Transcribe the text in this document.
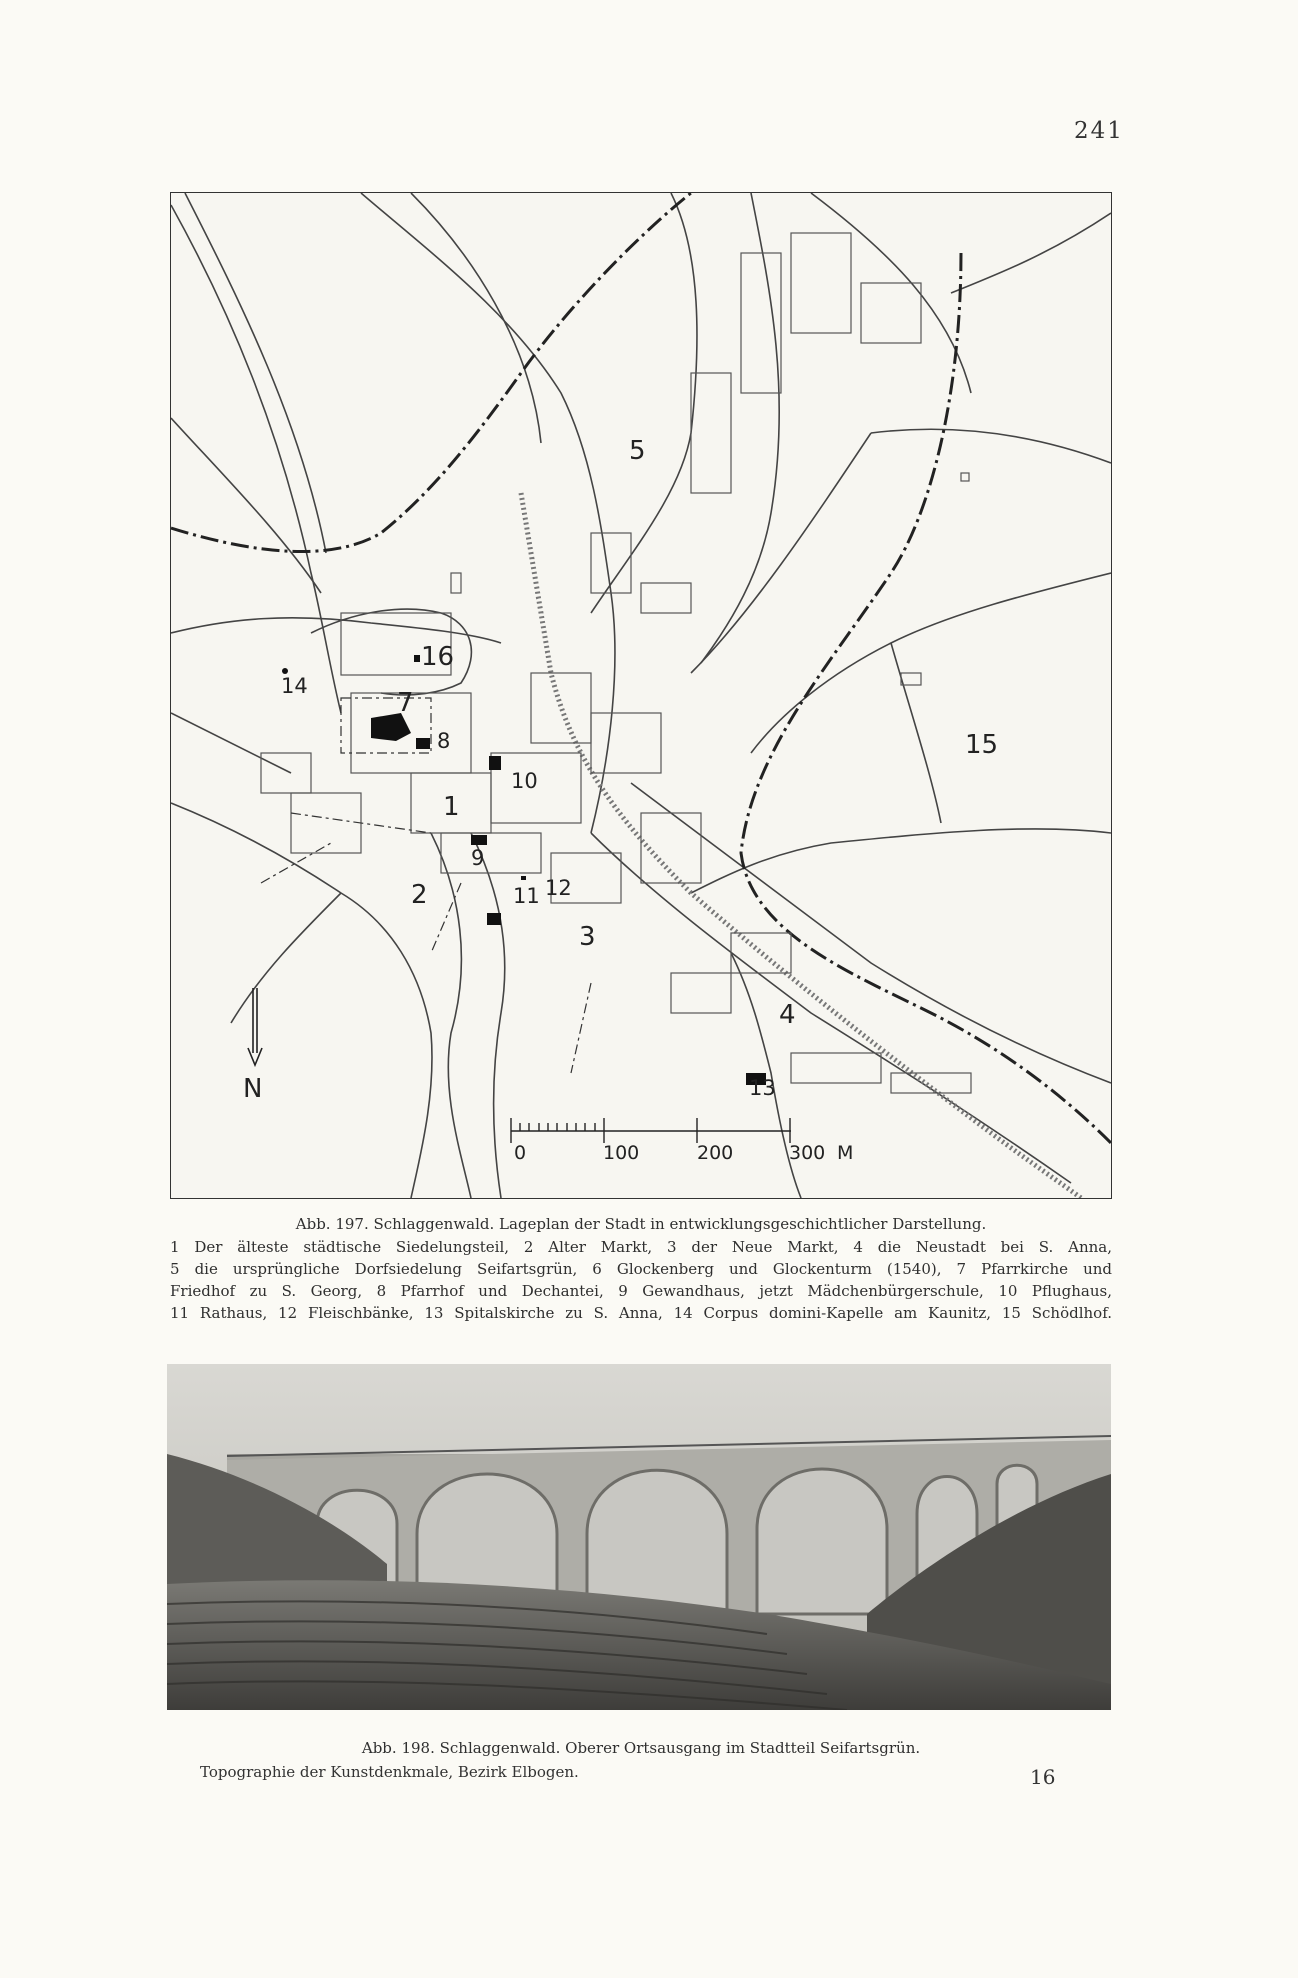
241
1
2
3
4
5
7
8
9
10
11 12
13
14
15
16
N
0	100	200	300 M
Abb. 197. Schlaggenwald. Lageplan der Stadt in entwicklungsgeschichtlicher Darstellung.
1 Der älteste städtische Siedelungsteil, 2 Alter Markt, 3 der Neue Markt, 4 die Neustadt bei S. Anna,
5 die ursprüngliche Dorfsiedelung Seifartsgrün, 6 Glockenberg und Glockenturm (1540), 7 Pfarrkirche und
Friedhof zu S. Georg, 8 Pfarrhof und Dechantei, 9 Gewandhaus, jetzt Mädchenbürgerschule, 10 Pflughaus,
11 Rathaus, 12 Fleischbänke, 13 Spitalskirche zu S. Anna, 14 Corpus domini-Kapelle am Kaunitz, 15 Schödlhof.
Abb. 198. Schlaggenwald. Oberer Ortsausgang im Stadtteil Seifartsgrün.
Topographie der Kunstdenkmale, Bezirk Elbogen.	16
